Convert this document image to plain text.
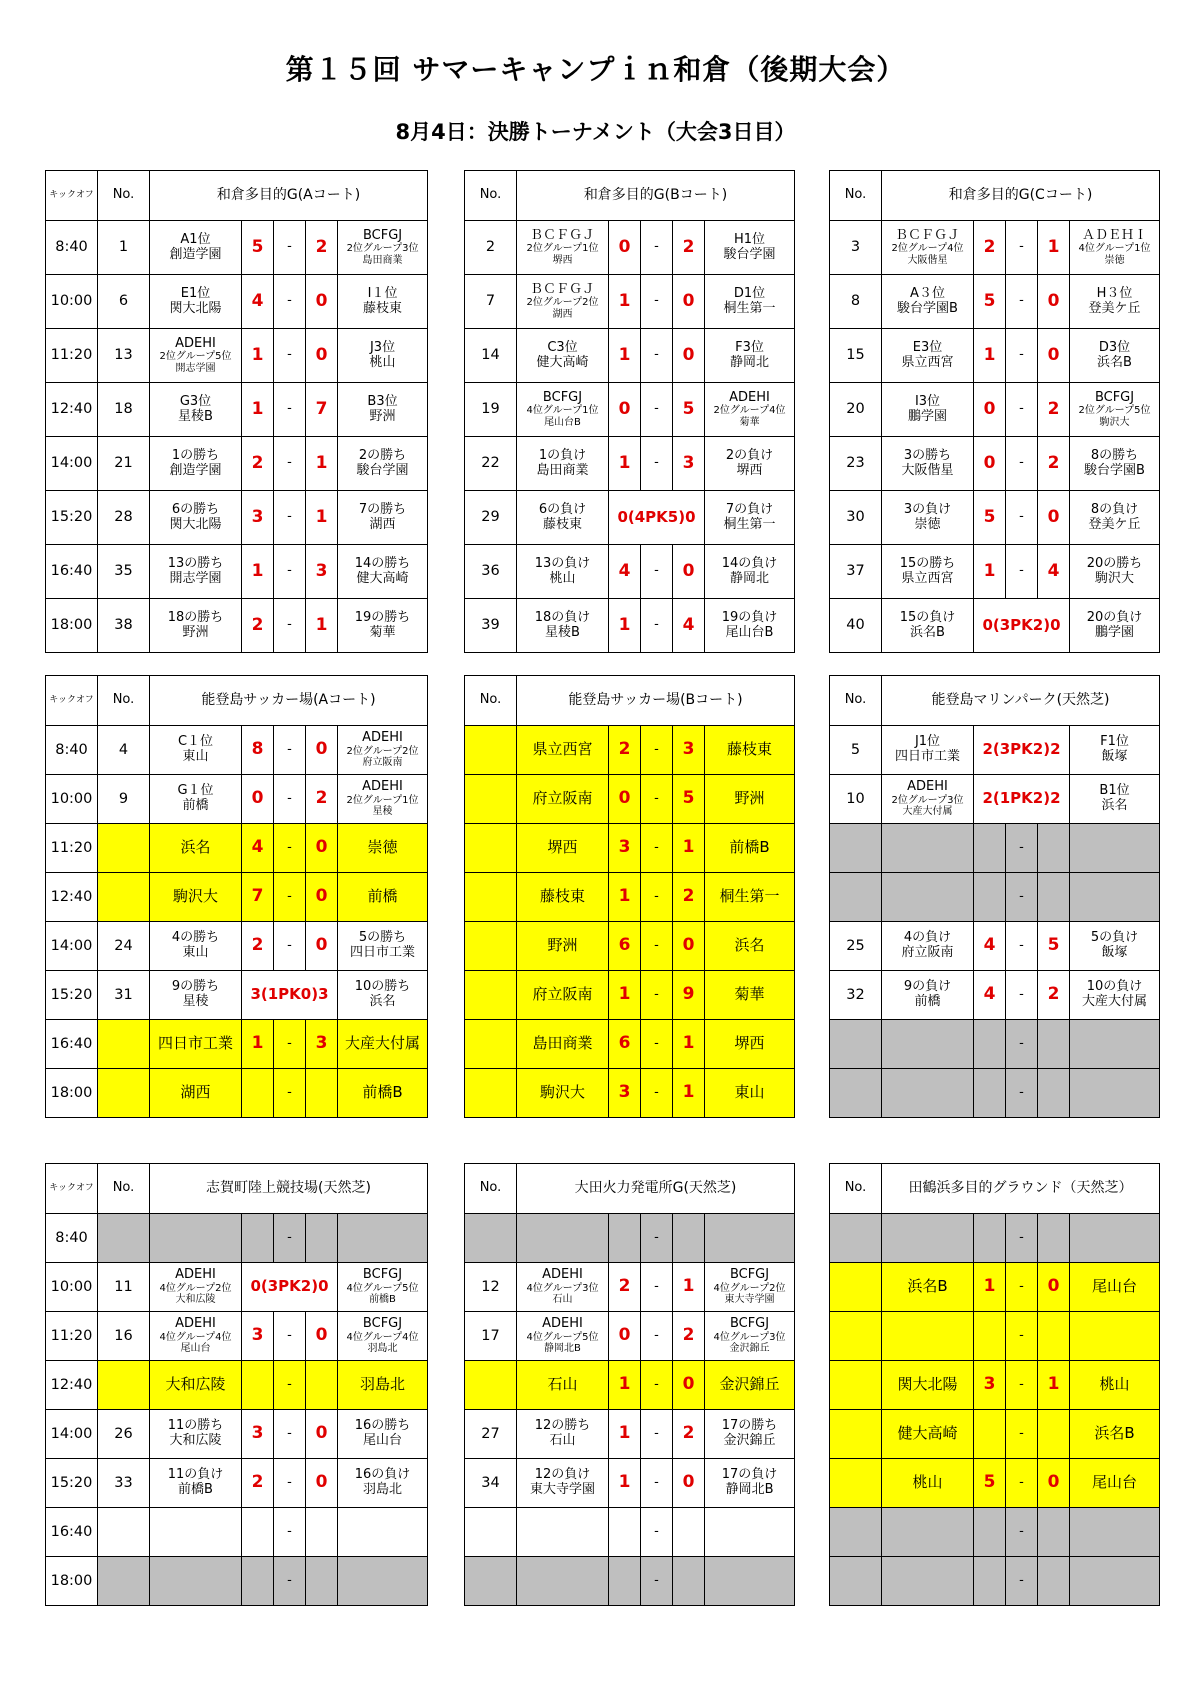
第１５回 サマーキャンプｉｎ和倉（後期大会）
8月4日：決勝トーナメント（大会3日目）
キックオフ	No.	和倉多目的G(Aコート)				
8:40	1	A1位
創造学園	5	-	2	BCFGJ
2位グループ3位
島田商業

10:00	6	E1位
関大北陽	4	-	0	I１位
藤枝東

11:20	13	ADEHI
2位グループ5位
開志学園	1	-	0	J3位
桃山

12:40	18	G3位
星稜B	1	-	7	B3位
野洲

14:00	21	1の勝ち
創造学園	2	-	1	2の勝ち
駿台学園

15:20	28	6の勝ち
関大北陽	3	-	1	7の勝ち
湖西

16:40	35	13の勝ち
開志学園	1	-	3	14の勝ち
健大高崎

18:00	38	18の勝ち
野洲	2	-	1	19の勝ち
菊華
No.	和倉多目的G(Bコート)				
2	ＢＣＦＧＪ
2位グループ1位
堺西	0	-	2	H1位
駿台学園

7	ＢＣＦＧＪ
2位グループ2位
湖西	1	-	0	D1位
桐生第一

14	C3位
健大高崎	1	-	0	F3位
静岡北

19	BCFGJ
4位グループ1位
尾山台B	0	-	5	ADEHI
2位グループ4位
菊華

22	1の負け
島田商業	1	-	3	2の負け
堺西

29	6の負け
藤枝東	0(4PK5)0			7の負け
桐生第一

36	13の負け
桃山	4	-	0	14の負け
静岡北

39	18の負け
星稜B	1	-	4	19の負け
尾山台B
No.	和倉多目的G(Cコート)				
3	ＢＣＦＧＪ
2位グループ4位
大阪偕星	2	-	1	ＡＤＥＨＩ
4位グループ1位
崇徳

8	A３位
駿台学園B	5	-	0	H３位
登美ケ丘

15	E3位
県立西宮	1	-	0	D3位
浜名B

20	I3位
鵬学園	0	-	2	BCFGJ
2位グループ5位
駒沢大

23	3の勝ち
大阪偕星	0	-	2	8の勝ち
駿台学園B

30	3の負け
崇徳	5	-	0	8の負け
登美ケ丘

37	15の勝ち
県立西宮	1	-	4	20の勝ち
駒沢大

40	15の負け
浜名B	0(3PK2)0			20の負け
鵬学園
キックオフ	No.	能登島サッカー場(Aコート)				
8:40	4	C１位
東山	8	-	0	ADEHI
2位グループ2位
府立阪南

10:00	9	G１位
前橋	0	-	2	ADEHI
2位グループ1位
星稜

11:20		浜名	4	-	0	崇徳

12:40		駒沢大	7	-	0	前橋

14:00	24	4の勝ち
東山	2	-	0	5の勝ち
四日市工業

15:20	31	9の勝ち
星稜	3(1PK0)3			10の勝ち
浜名

16:40		四日市工業	1	-	3	大産大付属

18:00		湖西		-		前橋B
No.	能登島サッカー場(Bコート)				

	県立西宮	2	-	3	藤枝東

	府立阪南	0	-	5	野洲

	堺西	3	-	1	前橋B

	藤枝東	1	-	2	桐生第一

	野洲	6	-	0	浜名

	府立阪南	1	-	9	菊華

	島田商業	6	-	1	堺西

	駒沢大	3	-	1	東山
No.	能登島マリンパーク(天然芝)				
5	J1位
四日市工業	2(3PK2)2			F1位
飯塚

10	ADEHI
2位グループ3位
大産大付属	2(1PK2)2			B1位
浜名

			-		
			-		
25	4の負け
府立阪南	4	-	5	5の負け
飯塚

32	9の負け
前橋	4	-	2	10の負け
大産大付属

			-		
			-		
キックオフ	No.	志賀町陸上競技場(天然芝)				
8:40				-		
10:00	11	ADEHI
4位グループ2位
大和広陵	0(3PK2)0			BCFGJ
4位グループ5位
前橋B

11:20	16	ADEHI
4位グループ4位
尾山台	3	-	0	BCFGJ
4位グループ4位
羽島北

12:40		大和広陵		-		羽島北

14:00	26	11の勝ち
大和広陵	3	-	0	16の勝ち
尾山台

15:20	33	11の負け
前橋B	2	-	0	16の負け
羽島北

16:40				-		
18:00				-		
No.	大田火力発電所G(天然芝)				
			-		
12	ADEHI
4位グループ3位
石山	2	-	1	BCFGJ
4位グループ2位
東大寺学園

17	ADEHI
4位グループ5位
静岡北B	0	-	2	BCFGJ
4位グループ3位
金沢錦丘

	石山	1	-	0	金沢錦丘

27	12の勝ち
石山	1	-	2	17の勝ち
金沢錦丘

34	12の負け
東大寺学園	1	-	0	17の負け
静岡北B

			-		
			-		
No.	田鶴浜多目的グラウンド（天然芝）				
			-		

	浜名B	1	-	0	尾山台

			-		

	関大北陽	3	-	1	桃山

	健大高崎		-		浜名B

	桃山	5	-	0	尾山台

			-		
			-		
